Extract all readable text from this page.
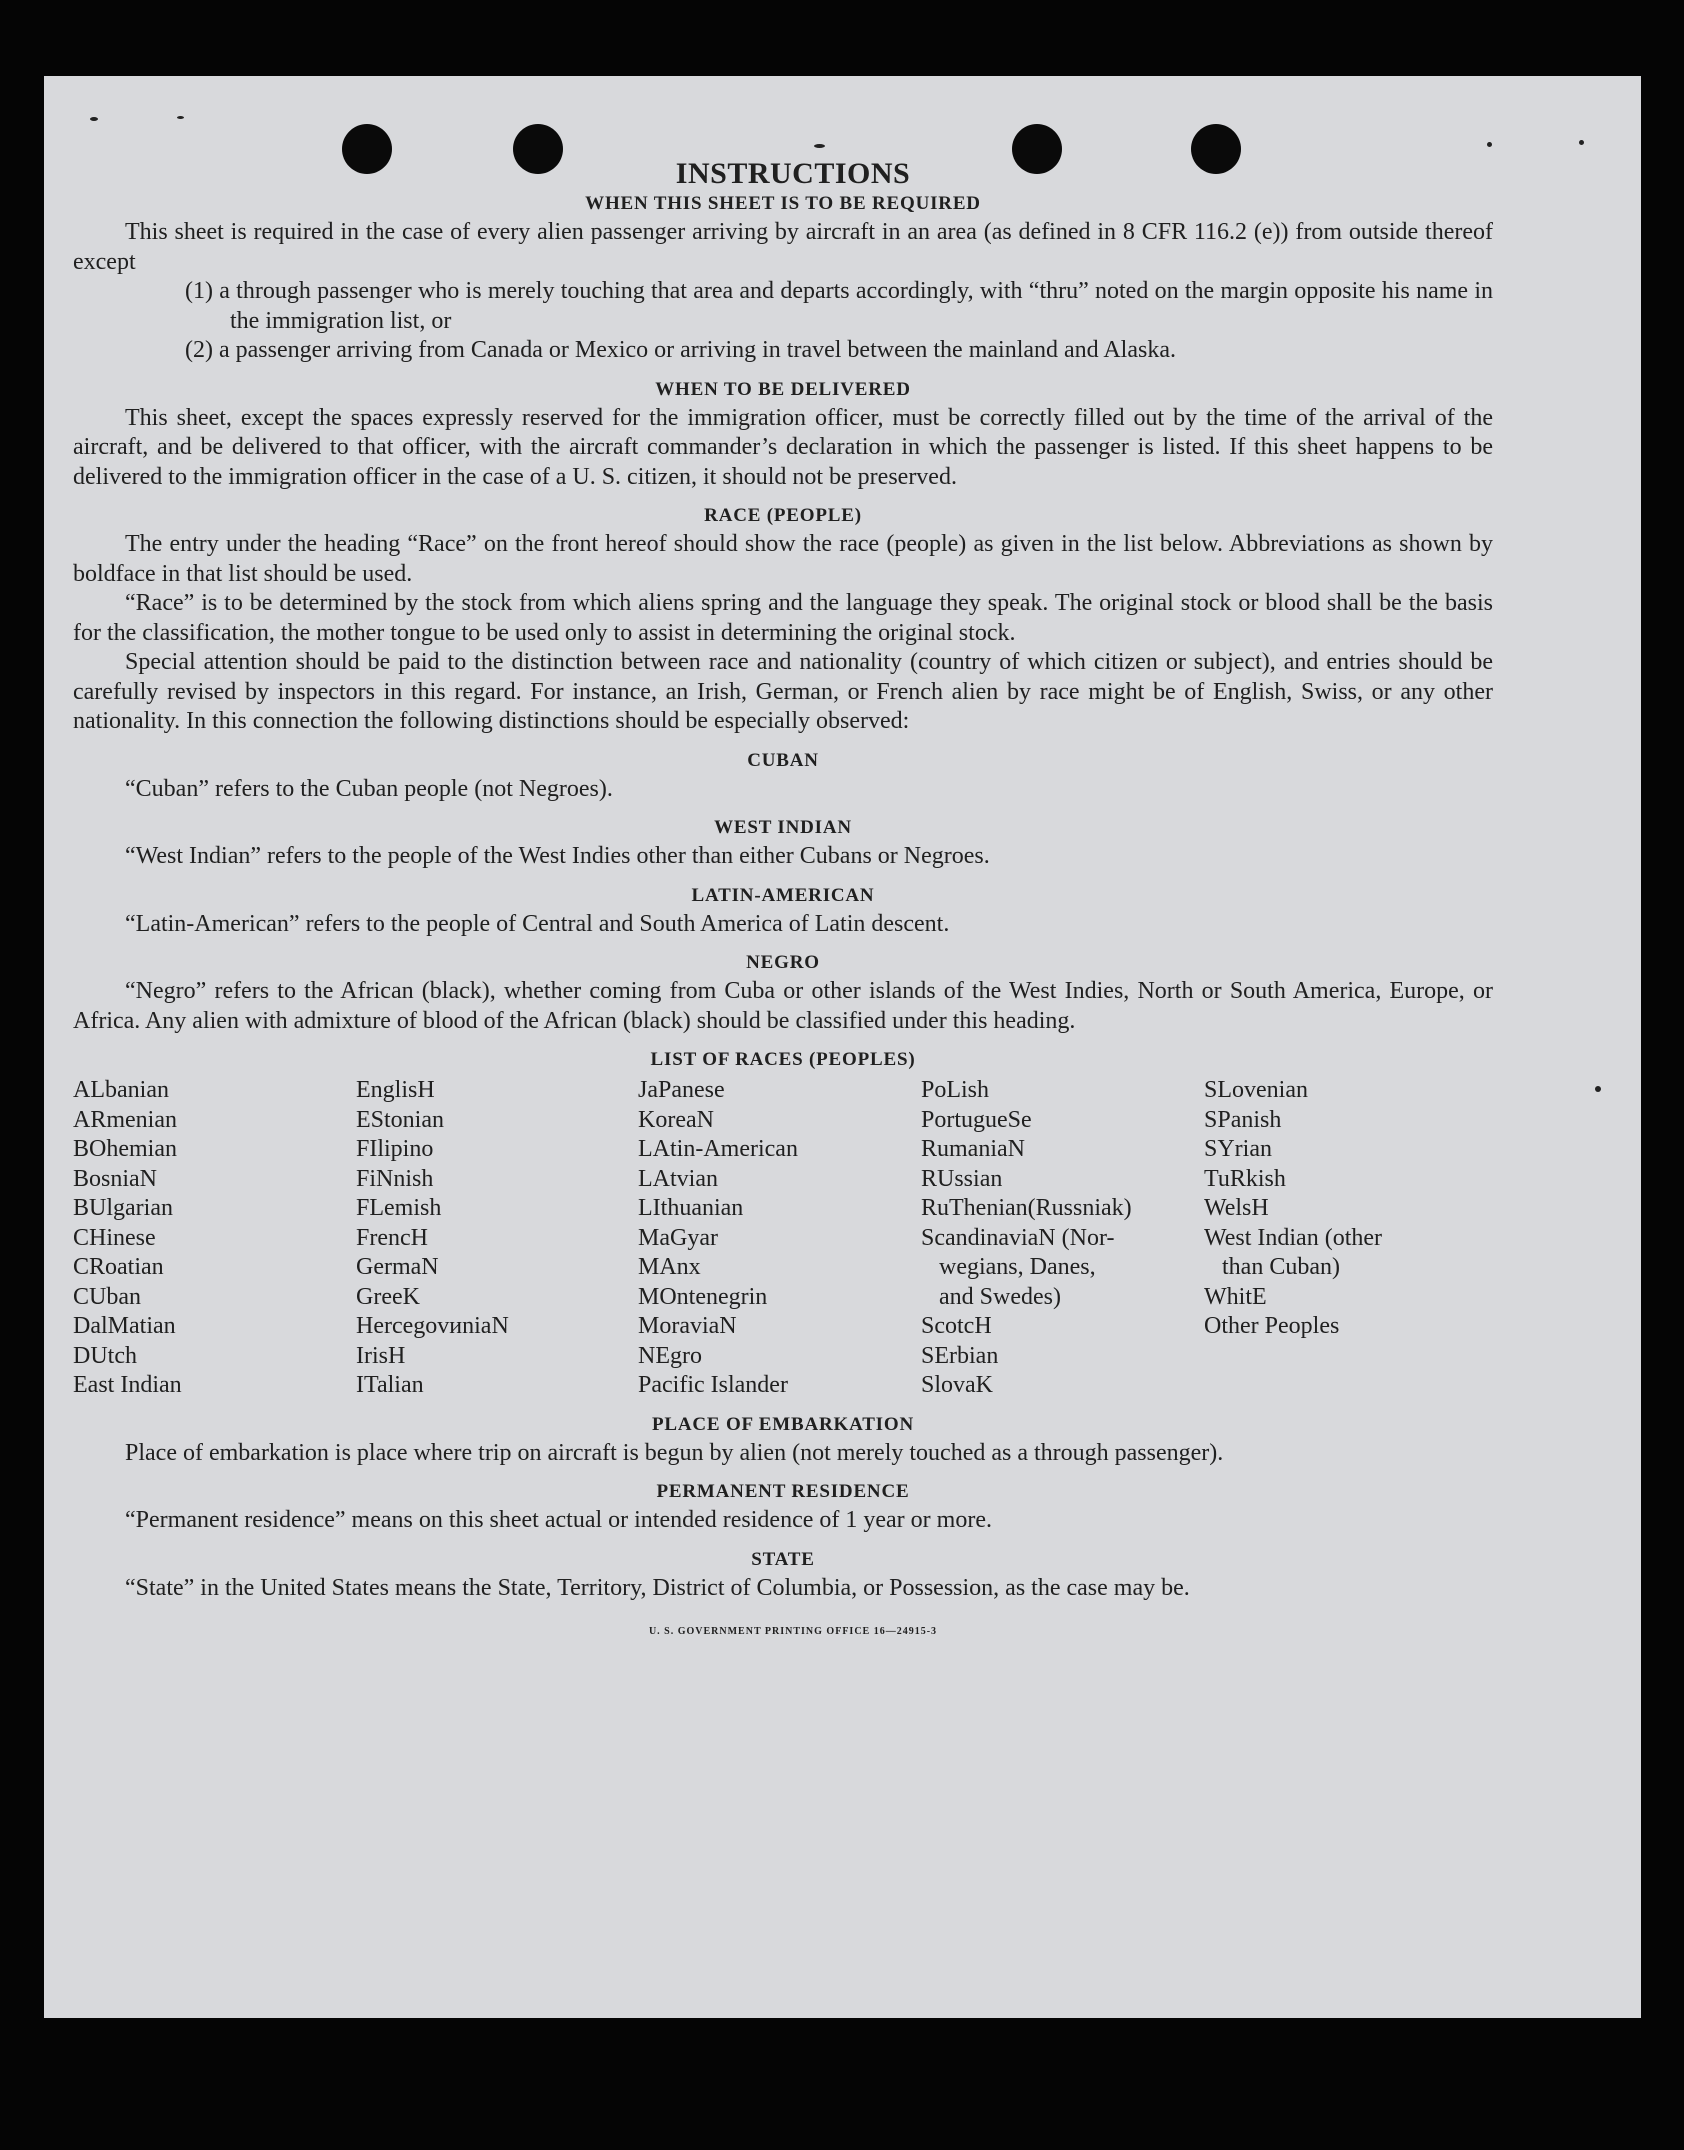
INSTRUCTIONS
WHEN THIS SHEET IS TO BE REQUIRED

This sheet is required in the case of every alien passenger arriving by aircraft in an area (as defined in 8 CFR 116.2 (e)) from outside thereof except

(1) a through passenger who is merely touching that area and departs accordingly, with “thru” noted on the margin opposite his name in the immigration list, or
(2) a passenger arriving from Canada or Mexico or arriving in travel between the mainland and Alaska.
WHEN TO BE DELIVERED

This sheet, except the spaces expressly reserved for the immigration officer, must be correctly filled out by the time of the arrival of the aircraft, and be delivered to that officer, with the aircraft commander’s declaration in which the passenger is listed. If this sheet happens to be delivered to the immigration officer in the case of a U. S. citizen, it should not be preserved.

RACE (PEOPLE)

The entry under the heading “Race” on the front hereof should show the race (people) as given in the list below. Abbreviations as shown by boldface in that list should be used.

“Race” is to be determined by the stock from which aliens spring and the language they speak. The original stock or blood shall be the basis for the classification, the mother tongue to be used only to assist in determining the original stock.

Special attention should be paid to the distinction between race and nationality (country of which citizen or subject), and entries should be carefully revised by inspectors in this regard. For instance, an Irish, German, or French alien by race might be of English, Swiss, or any other nationality. In this connection the following distinctions should be especially observed:

CUBAN

“Cuban” refers to the Cuban people (not Negroes).

WEST INDIAN

“West Indian” refers to the people of the West Indies other than either Cubans or Negroes.

LATIN-AMERICAN

“Latin-American” refers to the people of Central and South America of Latin descent.

NEGRO

“Negro” refers to the African (black), whether coming from Cuba or other islands of the West Indies, North or South America, Europe, or Africa. Any alien with admixture of blood of the African (black) should be classified under this heading.

LIST OF RACES (PEOPLES)
ALbanian
ARmenian
BOhemian
BosniaN
BUlgarian
CHinese
CRoatian
CUban
DalMatian
DUtch
East Indian
EnglisH
EStonian
FIlipino
FiNnish
FLemish
FrencH
GermaN
GreeK
HercegovиniaN
IrisH
ITalian
JaPanese
KoreaN
LAtin-American
LAtvian
LIthuanian
MaGyar
MAnx
MOntenegrin
MoraviaN
NEgro
Pacific Islander
PoLish
PortugueSe
RumaniaN
RUssian
RuThenian(Russniak)
ScandinaviaN (Nor-
wegians, Danes,
and Swedes)
ScotcH
SErbian
SlovaK
SLovenian
SPanish
SYrian
TuRkish
WelsH
West Indian (other
than Cuban)
WhitE
Other Peoples
PLACE OF EMBARKATION

Place of embarkation is place where trip on aircraft is begun by alien (not merely touched as a through passenger).

PERMANENT RESIDENCE

“Permanent residence” means on this sheet actual or intended residence of 1 year or more.

STATE

“State” in the United States means the State, Territory, District of Columbia, or Possession, as the case may be.

U. S. GOVERNMENT PRINTING OFFICE 16—24915-3
